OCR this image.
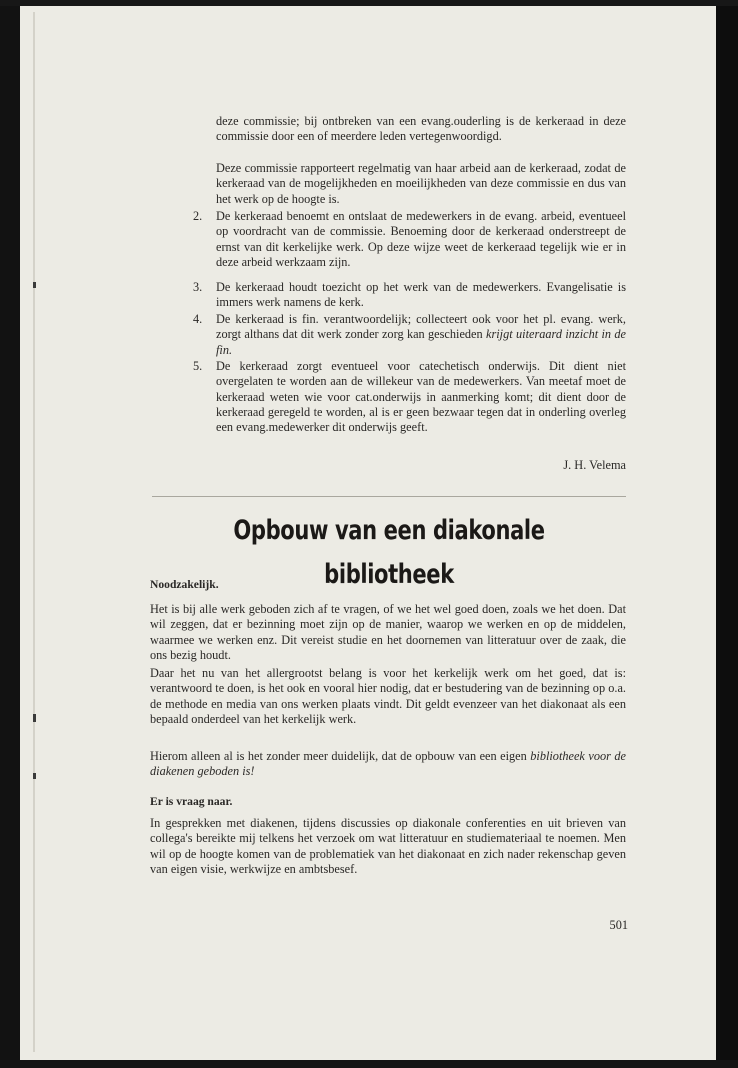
deze commissie; bij ontbreken van een evang.ouderling is de kerkeraad in deze commissie door een of meerdere leden vertegenwoordigd.

Deze commissie rapporteert regelmatig van haar arbeid aan de kerkeraad, zodat de kerkeraad van de mogelijkheden en moeilijkheden van deze commissie en dus van het werk op de hoogte is.

2.	De kerkeraad benoemt en ontslaat de medewerkers in de evang. arbeid, eventueel op voordracht van de commissie. Benoeming door de kerkeraad onderstreept de ernst van dit kerkelijke werk. Op deze wijze weet de kerkeraad tegelijk wie er in deze arbeid werkzaam zijn.

3.	De kerkeraad houdt toezicht op het werk van de medewerkers. Evangelisatie is immers werk namens de kerk.

4.	De kerkeraad is fin. verantwoordelijk; collecteert ook voor het pl. evang. werk, zorgt althans dat dit werk zonder zorg kan geschieden krijgt uiteraard inzicht in de fin.

5.	De kerkeraad zorgt eventueel voor catechetisch onderwijs. Dit dient niet overgelaten te worden aan de willekeur van de medewerkers. Van meetaf moet de kerkeraad weten wie voor cat.onderwijs in aanmerking komt; dit dient door de kerkeraad geregeld te worden, al is er geen bezwaar tegen dat in onderling overleg een evang.medewerker dit onderwijs geeft.

J. H. Velema
Opbouw van een diakonale bibliotheek
Noodzakelijk.

Het is bij alle werk geboden zich af te vragen, of we het wel goed doen, zoals we het doen. Dat wil zeggen, dat er bezinning moet zijn op de manier, waarop we werken en op de middelen, waarmee we werken enz. Dit vereist studie en het doornemen van litteratuur over de zaak, die ons bezig houdt.

Daar het nu van het allergrootst belang is voor het kerkelijk werk om het goed, dat is: verantwoord te doen, is het ook en vooral hier nodig, dat er bestudering van de bezinning op o.a. de methode en media van ons werken plaats vindt. Dit geldt evenzeer van het diakonaat als een bepaald onderdeel van het kerkelijk werk.

Hierom alleen al is het zonder meer duidelijk, dat de opbouw van een eigen bibliotheek voor de diakenen geboden is!

Er is vraag naar.

In gesprekken met diakenen, tijdens discussies op diakonale conferenties en uit brieven van collega's bereikte mij telkens het verzoek om wat litteratuur en studiemateriaal te noemen. Men wil op de hoogte komen van de problematiek van het diakonaat en zich nader rekenschap geven van eigen visie, werkwijze en ambtsbesef.

501
